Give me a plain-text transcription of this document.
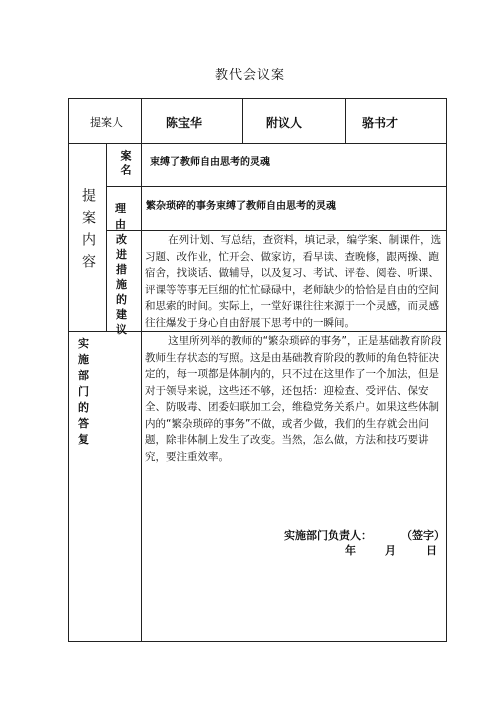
教代会议案
提案人	陈宝华	附议人	骆书才
提案内容
案名 束缚了教师自由思考的灵魂
理由
繁杂琐碎的事务束缚了教师自由思考的灵魂
改进措施的建议
在列计划、写总结，查资料，填记录，编学案、制课件，选习题、改作业，忙开会、做家访，看早读、查晚修，跟两操、跑宿舍，找谈话、做辅导，以及复习、考试、评卷、阅卷、听课、评课等等事无巨细的忙忙碌碌中，老师缺少的恰恰是自由的空间和思索的时间。实际上，一堂好课往往来源于一个灵感，而灵感往往爆发于身心自由舒展下思考中的一瞬间。
实施部门的答复
这里所列举的教师的“繁杂琐碎的事务”，正是基础教育阶段教师生存状态的写照。这是由基础教育阶段的教师的角色特征决定的，每一项都是体制内的，只不过在这里作了一个加法，但是对于领导来说，这些还不够，还包括：迎检查、受评估、保安全、防吸毒、团委妇联加工会，维稳党务关系户。如果这些体制内的“繁杂琐碎的事务”不做，或者少做，我们的生存就会出问题，除非体制上发生了改变。当然，怎么做，方法和技巧要讲究，要注重效率。
实施部门负责人：	（签字）
年	月	日
